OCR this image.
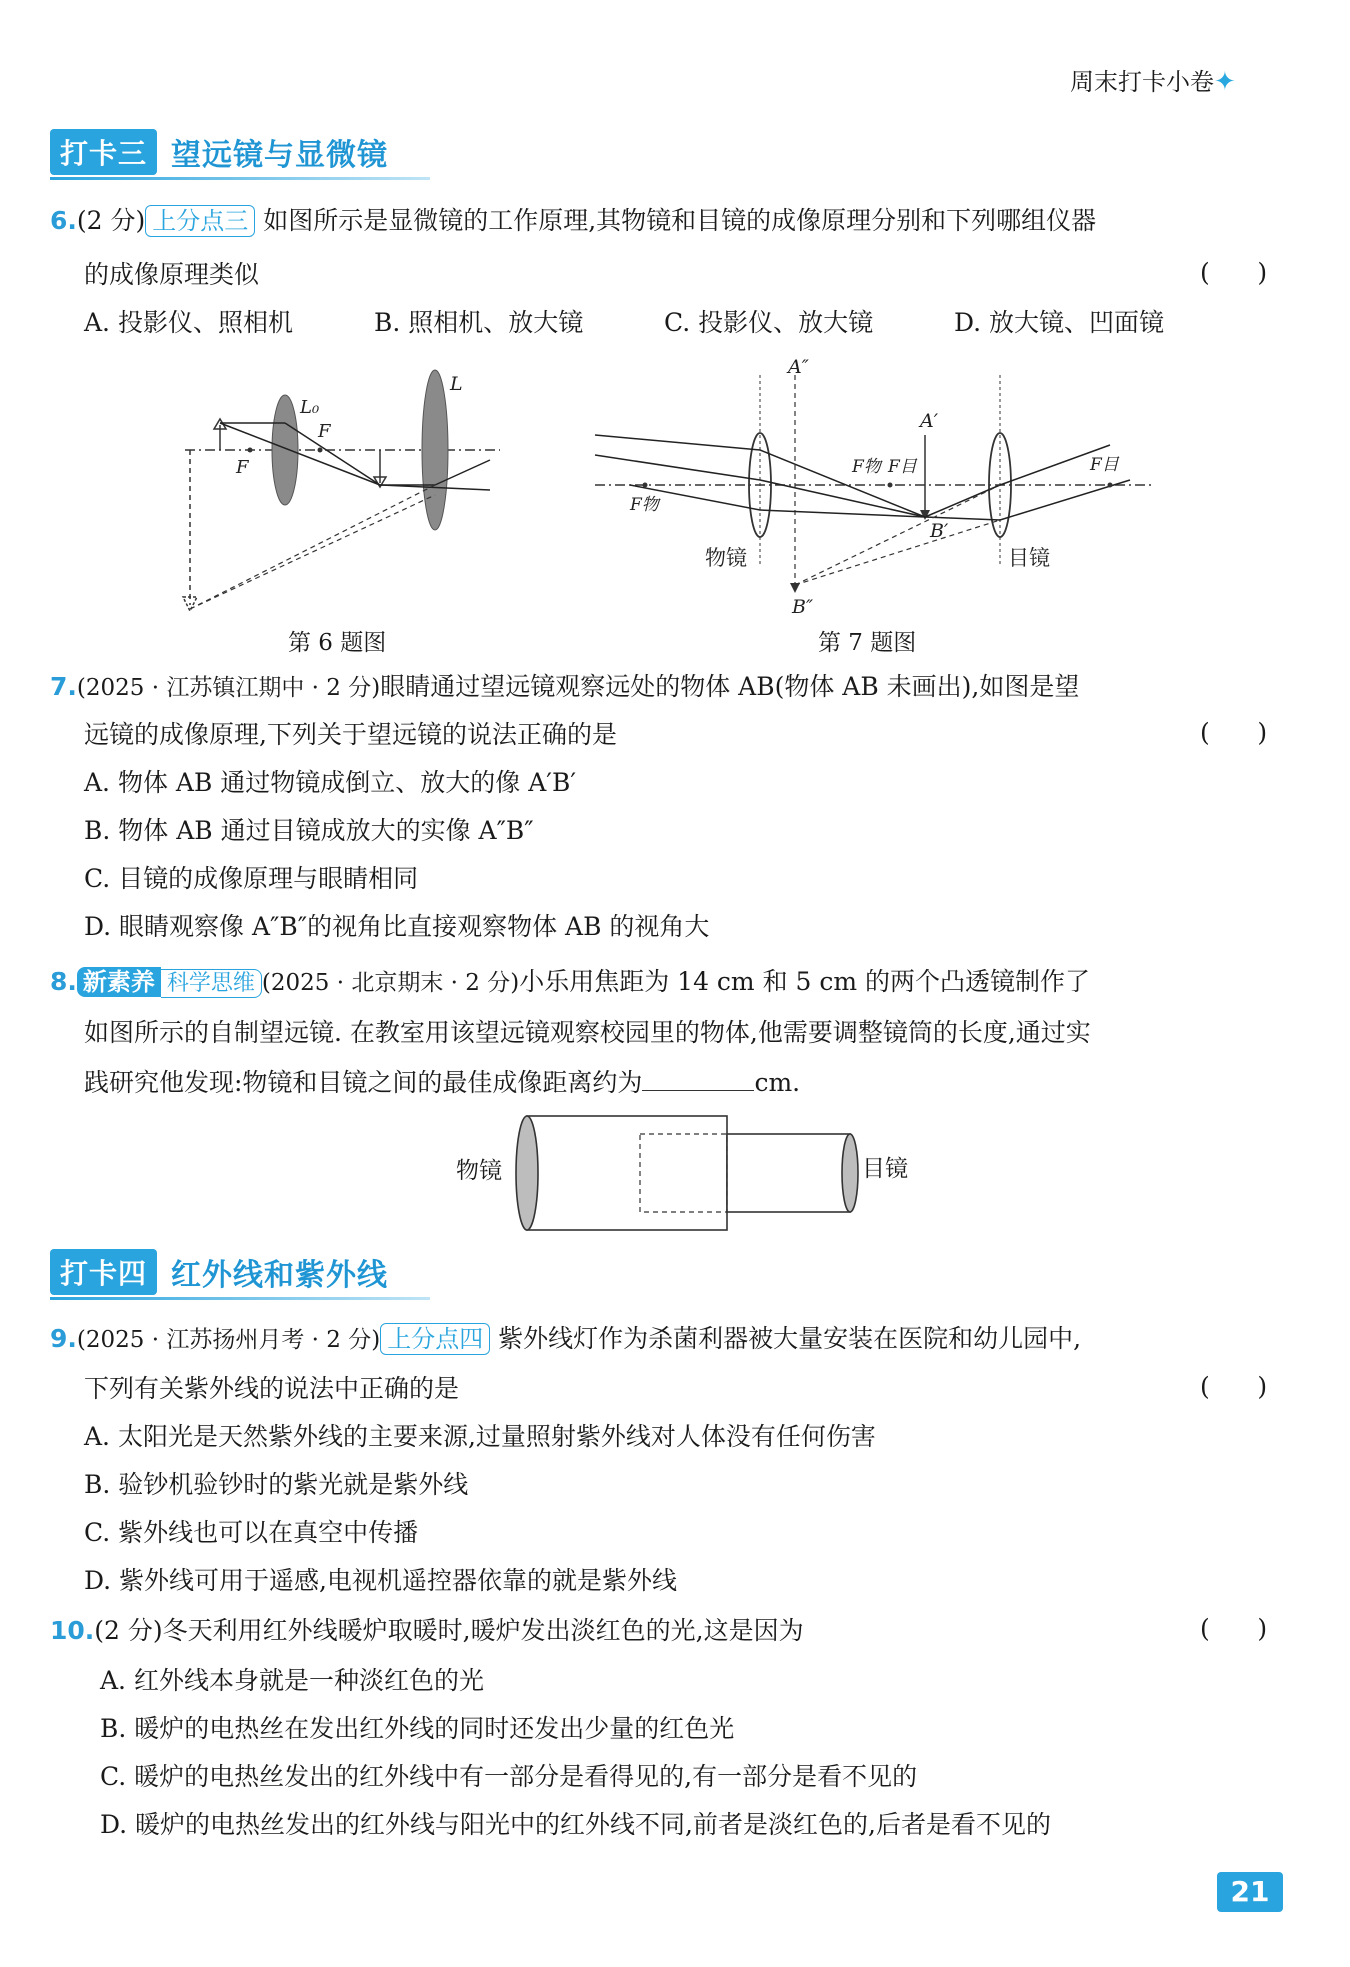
周末打卡小卷✦
打卡三 望远镜与显微镜
6.(2 分) 上分点三 如图所示是显微镜的工作原理,其物镜和目镜的成像原理分别和下列哪组仪器
的成像原理类似	(      )
A. 投影仪、照相机	B. 照相机、放大镜	C. 投影仪、放大镜	D. 放大镜、凹面镜
L₀
L
F
F
第 6 题图
A″
A′
B′
B″
F物
F物 F目	F目
物镜	目镜
第 7 题图
7.(2025 · 江苏镇江期中 · 2 分)眼睛通过望远镜观察远处的物体 AB(物体 AB 未画出),如图是望
远镜的成像原理,下列关于望远镜的说法正确的是	(      )
A. 物体 AB 通过物镜成倒立、放大的像 A′B′
B. 物体 AB 通过目镜成放大的实像 A″B″
C. 目镜的成像原理与眼睛相同
D. 眼睛观察像 A″B″的视角比直接观察物体 AB 的视角大
8. 新素养 科学思维 (2025 · 北京期末 · 2 分)小乐用焦距为 14 cm 和 5 cm 的两个凸透镜制作了
如图所示的自制望远镜. 在教室用该望远镜观察校园里的物体,他需要调整镜筒的长度,通过实
践研究他发现:物镜和目镜之间的最佳成像距离约为	cm.
物镜	目镜
打卡四 红外线和紫外线
9.(2025 · 江苏扬州月考 · 2 分) 上分点四 紫外线灯作为杀菌利器被大量安装在医院和幼儿园中,
下列有关紫外线的说法中正确的是	(      )
A. 太阳光是天然紫外线的主要来源,过量照射紫外线对人体没有任何伤害
B. 验钞机验钞时的紫光就是紫外线
C. 紫外线也可以在真空中传播
D. 紫外线可用于遥感,电视机遥控器依靠的就是紫外线
10.(2 分)冬天利用红外线暖炉取暖时,暖炉发出淡红色的光,这是因为	(      )
A. 红外线本身就是一种淡红色的光
B. 暖炉的电热丝在发出红外线的同时还发出少量的红色光
C. 暖炉的电热丝发出的红外线中有一部分是看得见的,有一部分是看不见的
D. 暖炉的电热丝发出的红外线与阳光中的红外线不同,前者是淡红色的,后者是看不见的
21
